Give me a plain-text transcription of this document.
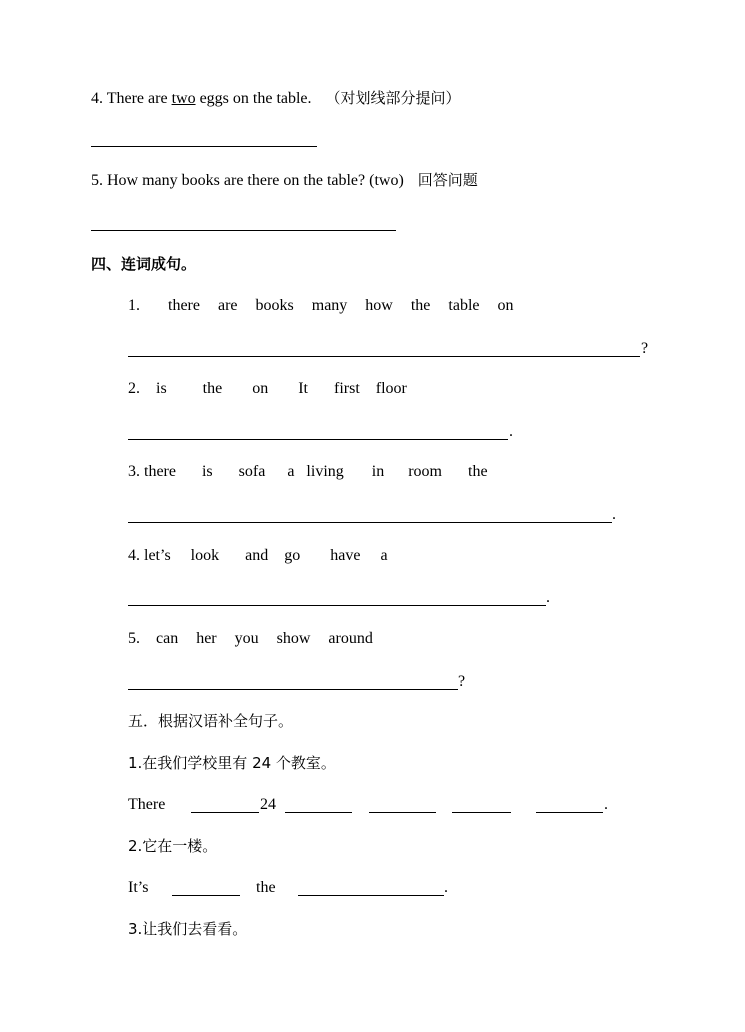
4. There are two eggs on the table. （对划线部分提问）
5. How many books are there on the table? (two) 回答问题
四、连词成句。
1. there are books many how the table on
?
2. is the on It first floor
.
3. there is sofa a living in room the
.
4. let’s look and go have a
.
5. can her you show around
?
五．根据汉语补全句子。
1.在我们学校里有 24 个教室。
There	24	.
2.它在一楼。
It’s	the	.
3.让我们去看看。
